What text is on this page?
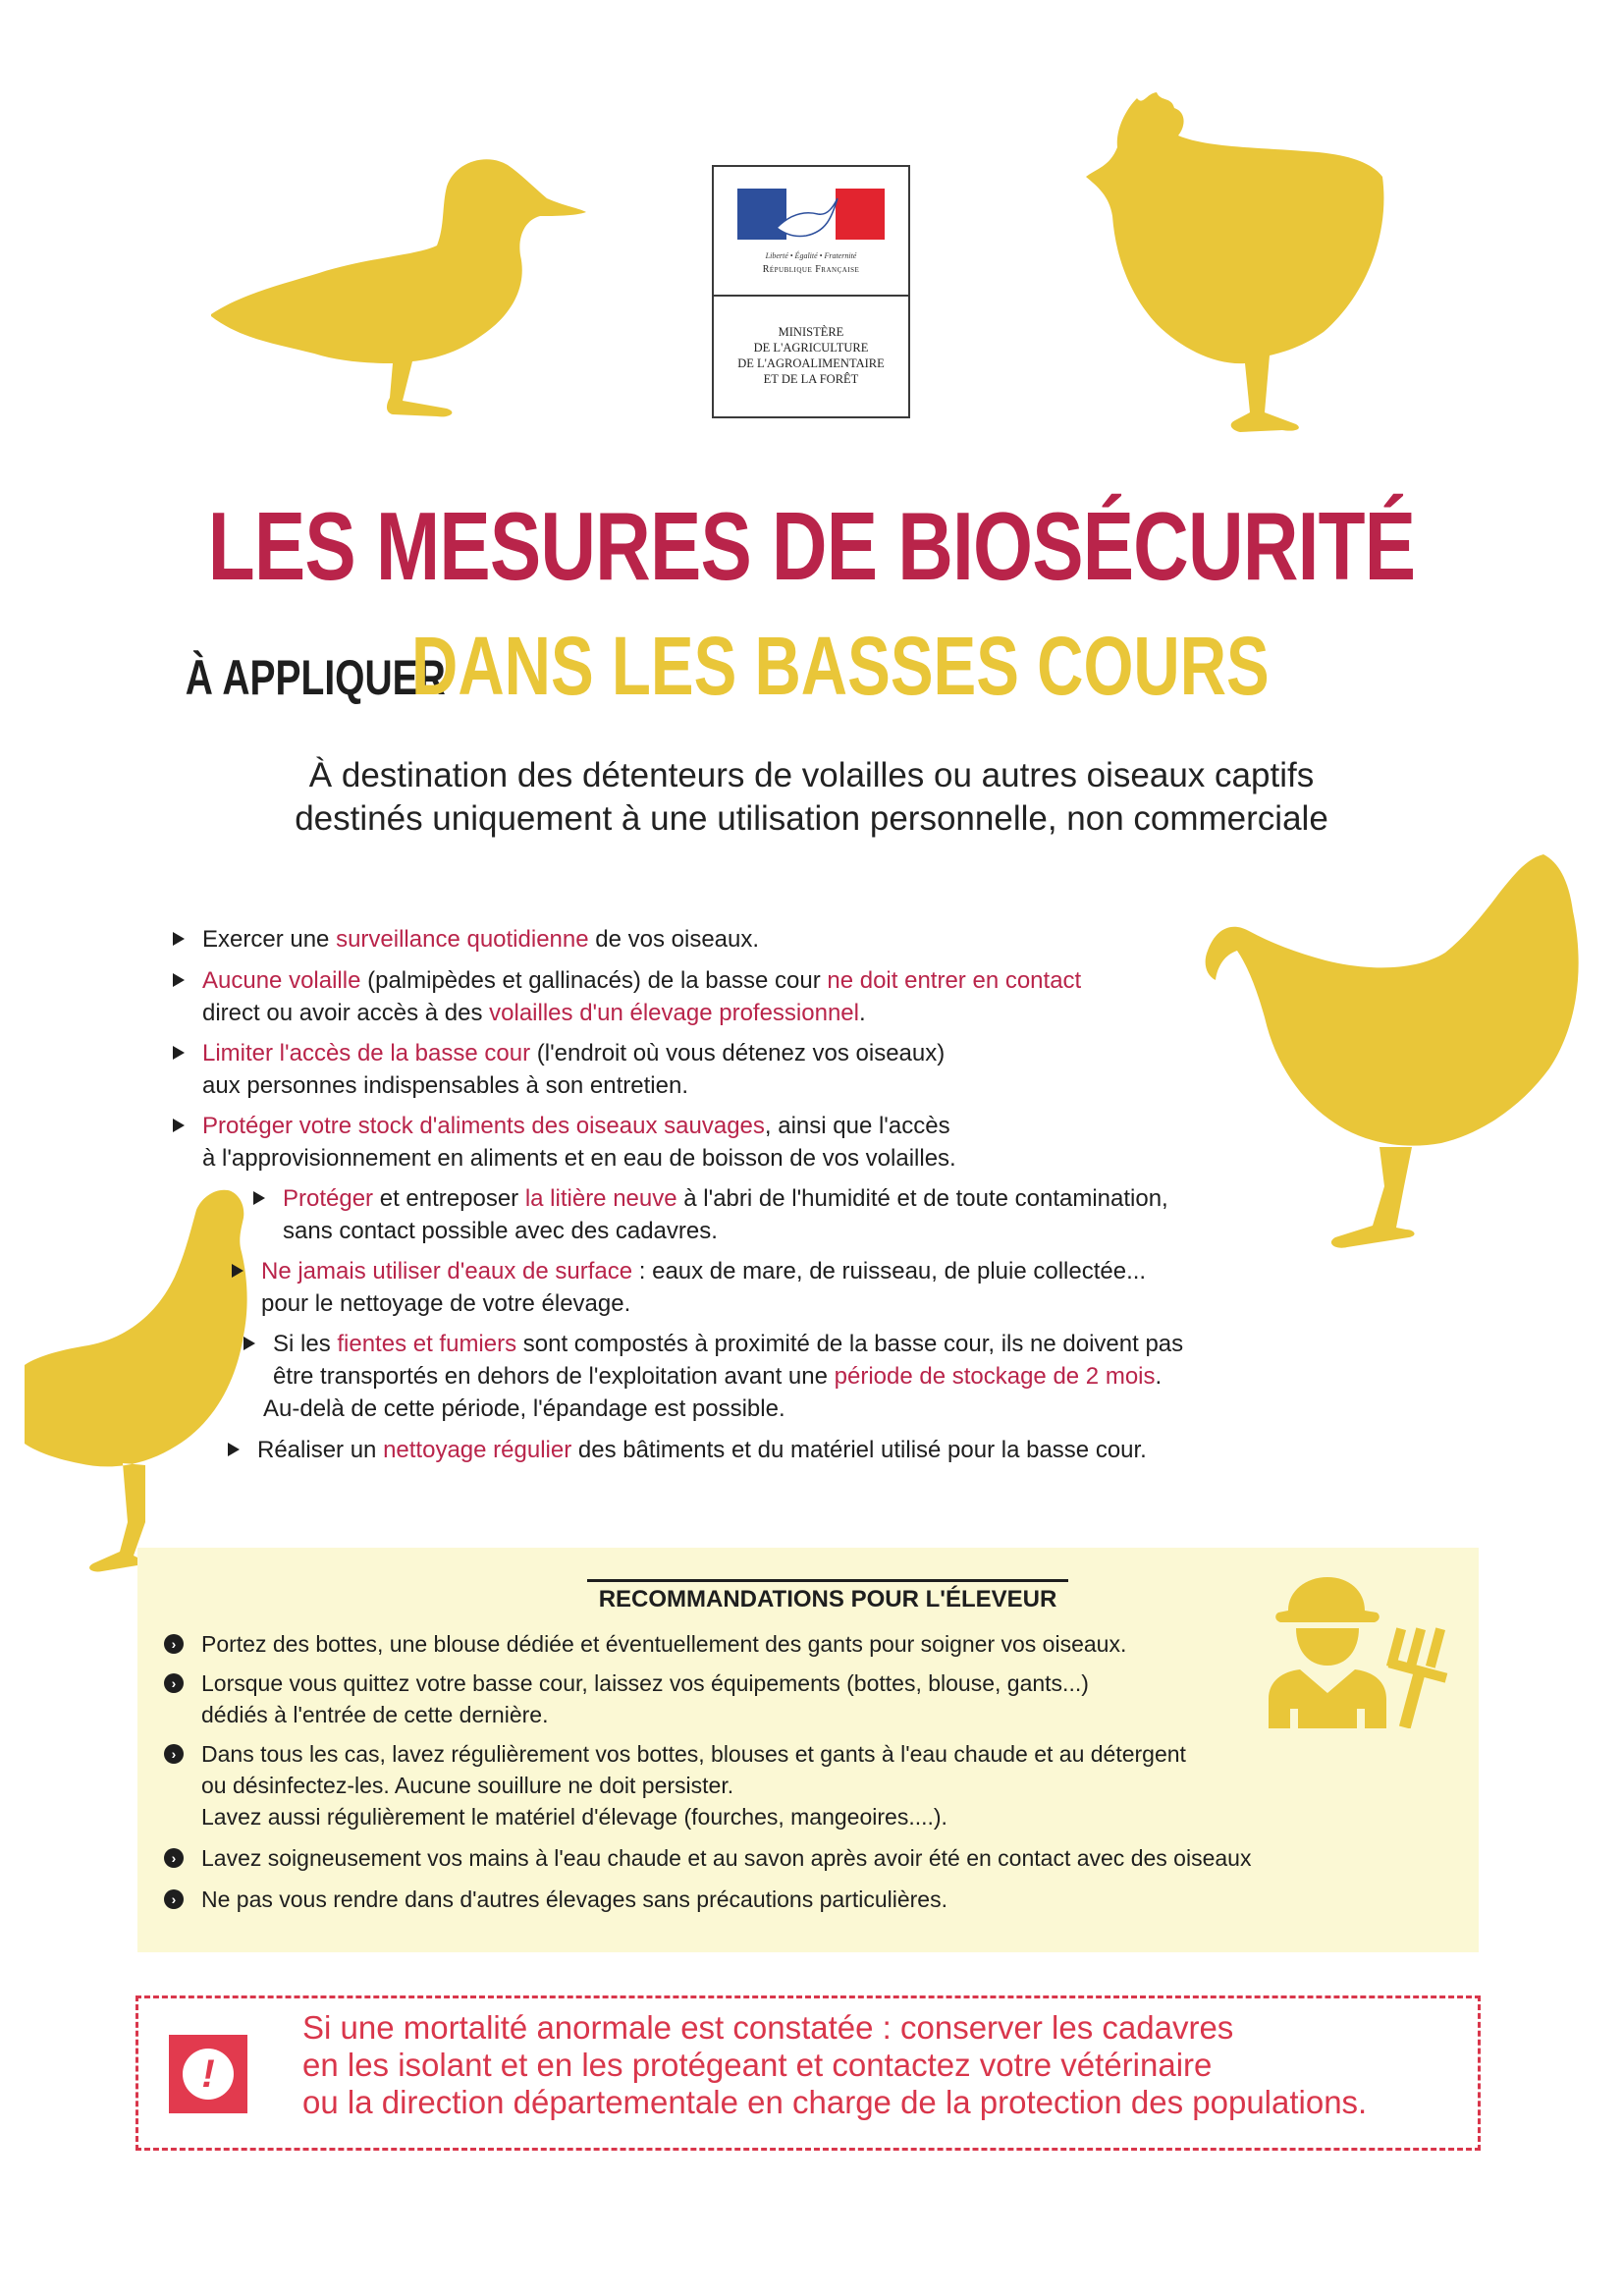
Liberté • Égalité • Fraternité
République Française
MINISTÈRE
DE L'AGRICULTURE
DE L'AGROALIMENTAIRE
ET DE LA FORÊT
LES MESURES DE BIOSÉCURITÉ
À APPLIQUER DANS LES BASSES COURS
À destination des détenteurs de volailles ou autres oiseaux captifs
destinés uniquement à une utilisation personnelle, non commerciale
Exercer une surveillance quotidienne de vos oiseaux.
Aucune volaille (palmipèdes et gallinacés) de la basse cour ne doit entrer en contact
direct ou avoir accès à des volailles d'un élevage professionnel.
Limiter l'accès de la basse cour (l'endroit où vous détenez vos oiseaux)
aux personnes indispensables à son entretien.
Protéger votre stock d'aliments des oiseaux sauvages, ainsi que l'accès
à l'approvisionnement en aliments et en eau de boisson de vos volailles.
Protéger et entreposer la litière neuve à l'abri de l'humidité et de toute contamination,
sans contact possible avec des cadavres.
Ne jamais utiliser d'eaux de surface : eaux de mare, de ruisseau, de pluie collectée...
pour le nettoyage de votre élevage.
Si les fientes et fumiers sont compostés à proximité de la basse cour, ils ne doivent pas
être transportés en dehors de l'exploitation avant une période de stockage de 2 mois.
Au-delà de cette période, l'épandage est possible.
Réaliser un nettoyage régulier des bâtiments et du matériel utilisé pour la basse cour.
RECOMMANDATIONS POUR L'ÉLEVEUR
›	Portez des bottes, une blouse dédiée et éventuellement des gants pour soigner vos oiseaux.
›	Lorsque vous quittez votre basse cour, laissez vos équipements (bottes, blouse, gants...)
dédiés à l'entrée de cette dernière.
›	Dans tous les cas, lavez régulièrement vos bottes, blouses et gants à l'eau chaude et au détergent
ou désinfectez-les. Aucune souillure ne doit persister.
Lavez aussi régulièrement le matériel d'élevage (fourches, mangeoires....).
›	Lavez soigneusement vos mains à l'eau chaude et au savon après avoir été en contact avec des oiseaux
›	Ne pas vous rendre dans d'autres élevages sans précautions particulières.
!
Si une mortalité anormale est constatée : conserver les cadavres
en les isolant et en les protégeant et contactez votre vétérinaire
ou la direction départementale en charge de la protection des populations.
